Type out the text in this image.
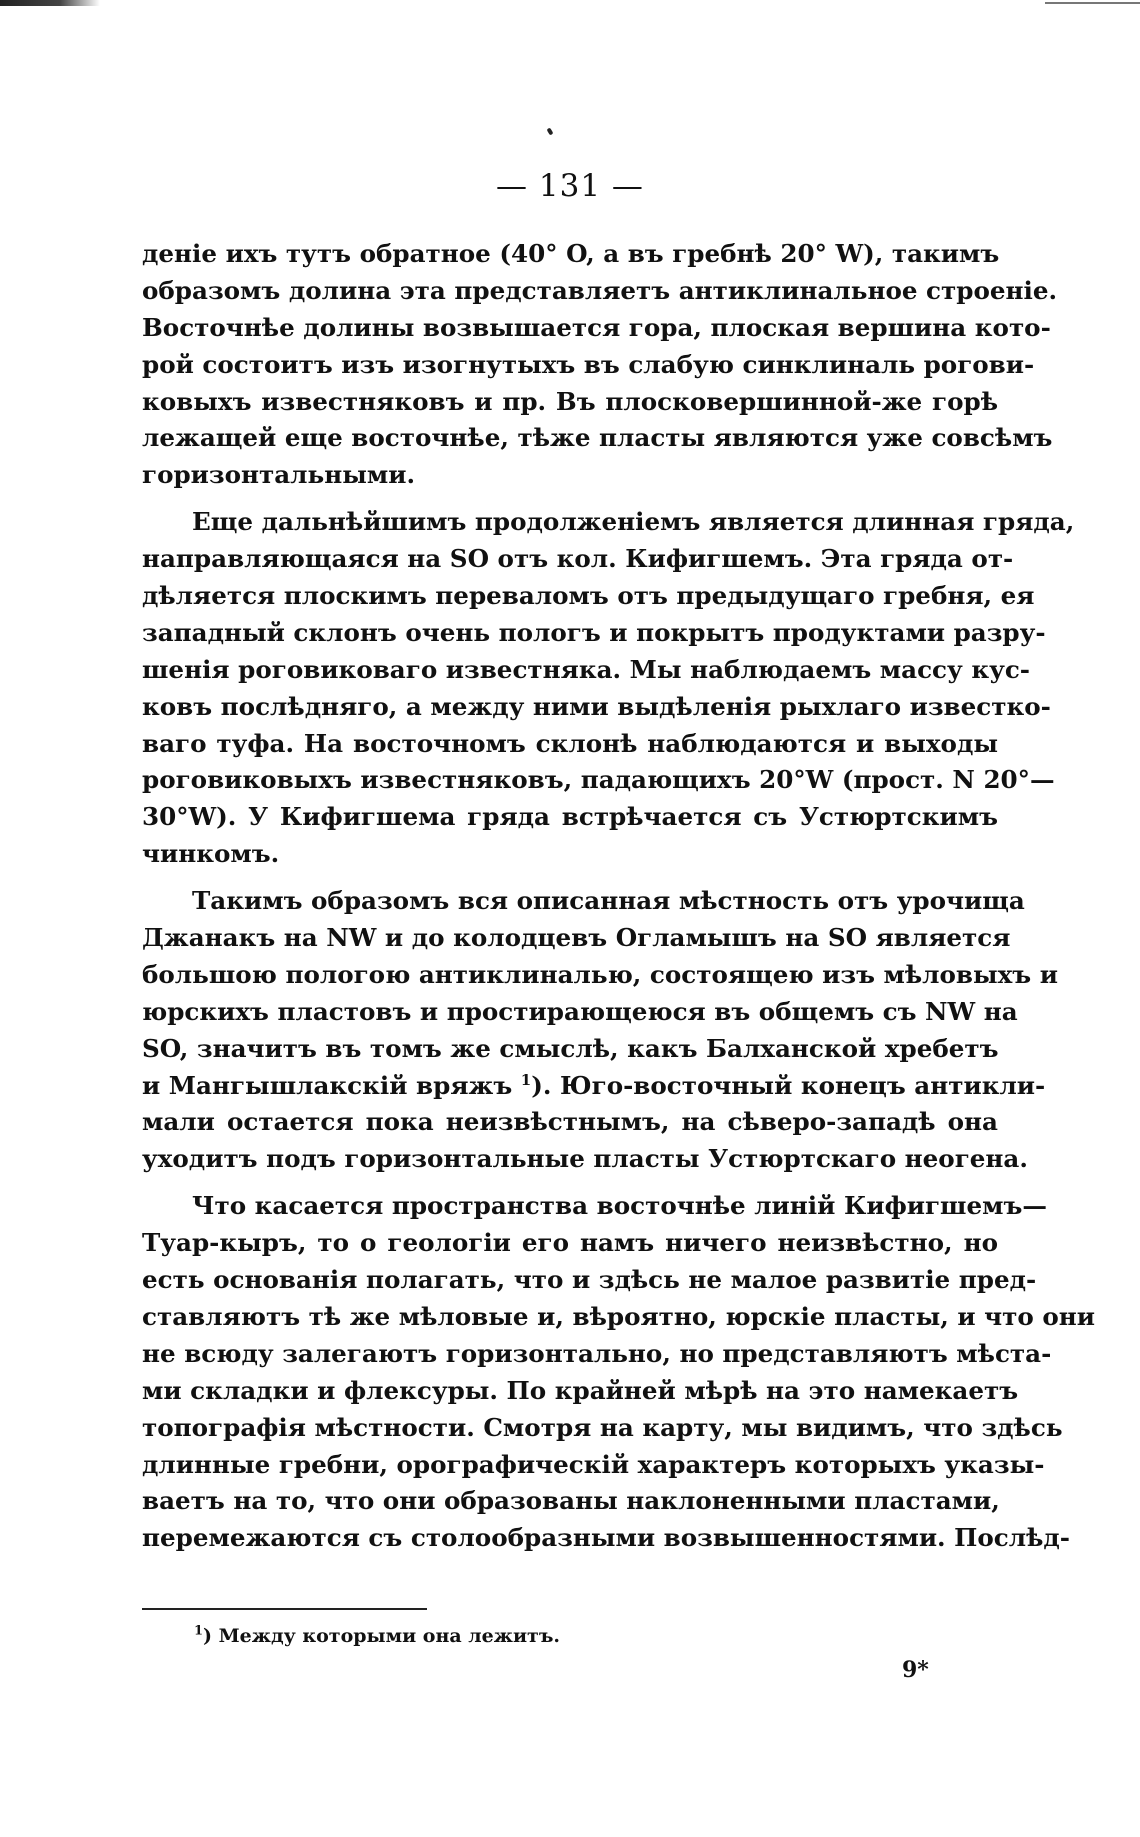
— 131 —
деніе ихъ тутъ обратное (40° O, а въ гребнѣ 20° W), такимъ
образомъ долина эта представляетъ антиклинальное строеніе.
Восточнѣе долины возвышается гора, плоская вершина кото-
рой состоитъ изъ изогнутыхъ въ слабую синклиналь рогови-
ковыхъ известняковъ и пр. Въ плосковершинной-же горѣ
лежащей еще восточнѣе, тѣже пласты являются уже совсѣмъ
горизонтальными.
Еще дальнѣйшимъ продолженіемъ является длинная гряда,
направляющаяся на SO отъ кол. Кифигшемъ. Эта гряда от-
дѣляется плоскимъ переваломъ отъ предыдущаго гребня, ея
западный склонъ очень пологъ и покрытъ продуктами разру-
шенія роговиковаго известняка. Мы наблюдаемъ массу кус-
ковъ послѣдняго, а между ними выдѣленія рыхлаго известко-
ваго туфа. На восточномъ склонѣ наблюдаются и выходы
роговиковыхъ известняковъ, падающихъ 20°W (прост. N 20°—
30°W). У Кифигшема гряда встрѣчается съ Устюртскимъ
чинкомъ.
Такимъ образомъ вся описанная мѣстность отъ урочища
Джанакъ на NW и до колодцевъ Огламышъ на SO является
большою пологою антиклиналью, состоящею изъ мѣловыхъ и
юрскихъ пластовъ и простирающеюся въ общемъ съ NW на
SO, значитъ въ томъ же смыслѣ, какъ Балханской хребетъ
и Мангышлакскій вряжъ $^1$). Юго-восточный конецъ антикли-
мали остается пока неизвѣстнымъ, на сѣверо-западѣ она
уходитъ подъ горизонтальные пласты Устюртскаго неогена.
Что касается пространства восточнѣе линій Кифигшемъ—
Туар-кыръ, то о геологіи его намъ ничего неизвѣстно, но
есть основанія полагать, что и здѣсь не малое развитіе пред-
ставляютъ тѣ же мѣловые и, вѣроятно, юрскіе пласты, и что они
не всюду залегаютъ горизонтально, но представляютъ мѣста-
ми складки и флексуры. По крайней мѣрѣ на это намекаетъ
топографія мѣстности. Смотря на карту, мы видимъ, что здѣсь
длинные гребни, орографическій характеръ которыхъ указы-
ваетъ на то, что они образованы наклоненными пластами,
перемежаются съ столообразными возвышенностями. Послѣд-
$^1$) Между которыми она лежитъ.
9*
